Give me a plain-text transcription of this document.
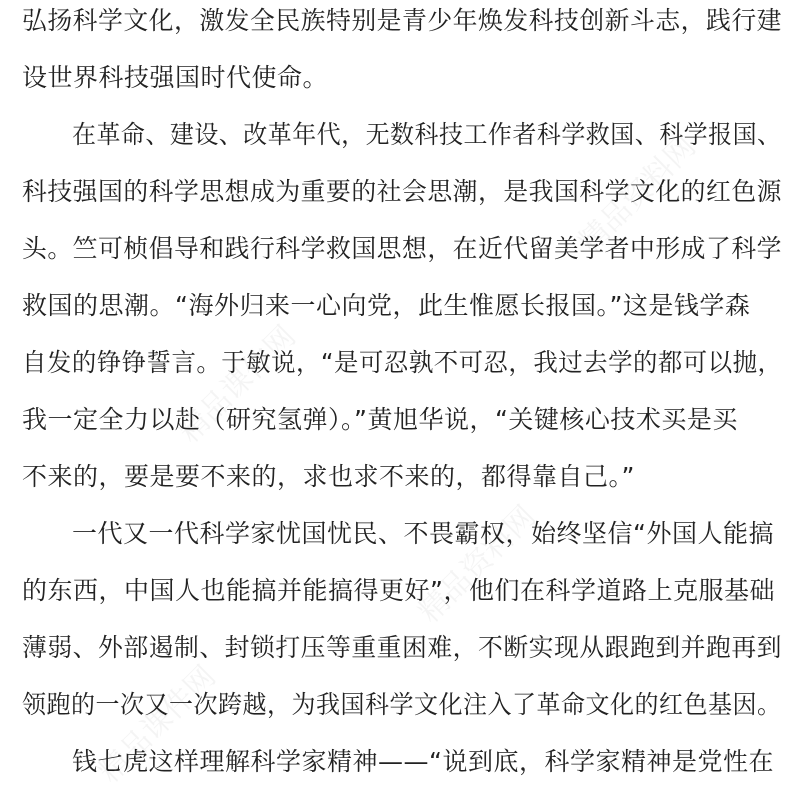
精品资料网
精品课件网
精品资料网
精品课件网
弘扬科学文化，激发全民族特别是青少年焕发科技创新斗志，践行建
设世界科技强国时代使命。
在革命、建设、改革年代，无数科技工作者科学救国、科学报国、
科技强国的科学思想成为重要的社会思潮，是我国科学文化的红色源
头。竺可桢倡导和践行科学救国思想，在近代留美学者中形成了科学
救国的思潮。“海外归来一心向党，此生惟愿长报国。”这是钱学森
自发的铮铮誓言。于敏说，“是可忍孰不可忍，我过去学的都可以抛，
我一定全力以赴（研究氢弹）。”黄旭华说，“关键核心技术买是买
不来的，要是要不来的，求也求不来的，都得靠自己。”
一代又一代科学家忧国忧民、不畏霸权，始终坚信“外国人能搞
的东西，中国人也能搞并能搞得更好”，他们在科学道路上克服基础
薄弱、外部遏制、封锁打压等重重困难，不断实现从跟跑到并跑再到
领跑的一次又一次跨越，为我国科学文化注入了革命文化的红色基因。
钱七虎这样理解科学家精神——“说到底，科学家精神是党性在
